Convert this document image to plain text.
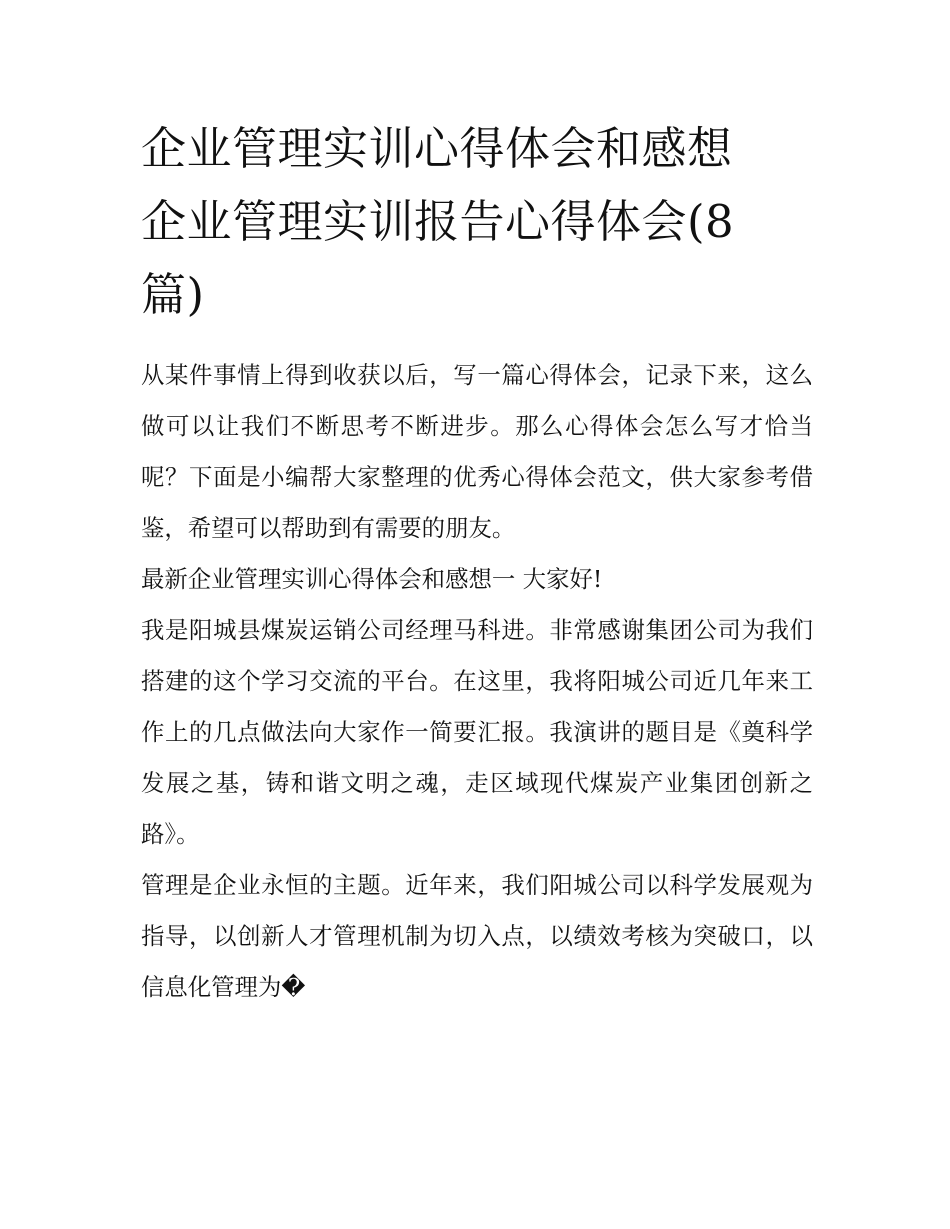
企业管理实训心得体会和感想
企业管理实训报告心得体会(8
篇)

从某件事情上得到收获以后，写一篇心得体会，记录下来，这么做可以让我们不断思考不断进步。那么心得体会怎么写才恰当呢？下面是小编帮大家整理的优秀心得体会范文，供大家参考借鉴，希望可以帮助到有需要的朋友。

最新企业管理实训心得体会和感想一 大家好!

我是阳城县煤炭运销公司经理马科进。非常感谢集团公司为我们搭建的这个学习交流的平台。在这里，我将阳城公司近几年来工作上的几点做法向大家作一简要汇报。我演讲的题目是《奠科学发展之基，铸和谐文明之魂，走区域现代煤炭产业集团创新之路》。

管理是企业永恒的主题。近年来，我们阳城公司以科学发展观为指导，以创新人才管理机制为切入点，以绩效考核为突破口，以信息化管理为�
